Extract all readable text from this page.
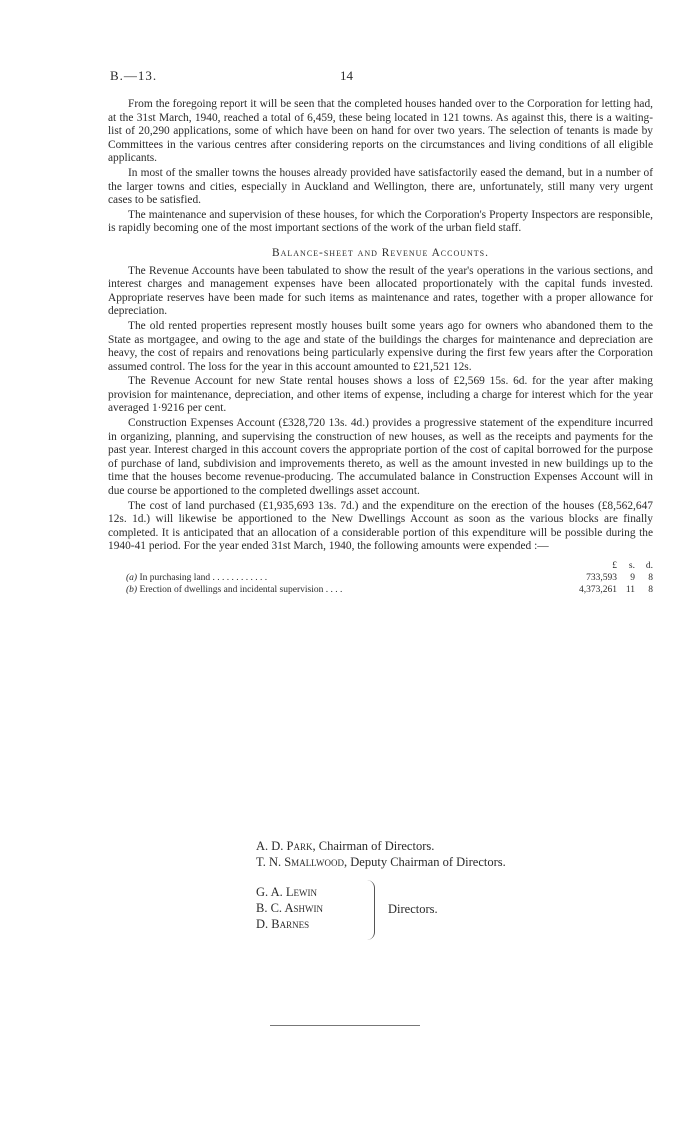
B.—13.	14

From the foregoing report it will be seen that the completed houses handed over to the Corporation for letting had, at the 31st March, 1940, reached a total of 6,459, these being located in 121 towns. As against this, there is a waiting-list of 20,290 applications, some of which have been on hand for over two years. The selection of tenants is made by Committees in the various centres after considering reports on the circumstances and living conditions of all eligible applicants.

In most of the smaller towns the houses already provided have satisfactorily eased the demand, but in a number of the larger towns and cities, especially in Auckland and Wellington, there are, unfortunately, still many very urgent cases to be satisfied.

The maintenance and supervision of these houses, for which the Corporation's Property Inspectors are responsible, is rapidly becoming one of the most important sections of the work of the urban field staff.

Balance-sheet and Revenue Accounts.

The Revenue Accounts have been tabulated to show the result of the year's operations in the various sections, and interest charges and management expenses have been allocated proportionately with the capital funds invested. Appropriate reserves have been made for such items as maintenance and rates, together with a proper allowance for depreciation.

The old rented properties represent mostly houses built some years ago for owners who abandoned them to the State as mortgagee, and owing to the age and state of the buildings the charges for maintenance and depreciation are heavy, the cost of repairs and renovations being particularly expensive during the first few years after the Corporation assumed control. The loss for the year in this account amounted to £21,521 12s.

The Revenue Account for new State rental houses shows a loss of £2,569 15s. 6d. for the year after making provision for maintenance, depreciation, and other items of expense, including a charge for interest which for the year averaged 1·9216 per cent.

Construction Expenses Account (£328,720 13s. 4d.) provides a progressive statement of the expenditure incurred in organizing, planning, and supervising the construction of new houses, as well as the receipts and payments for the past year. Interest charged in this account covers the appropriate portion of the cost of capital borrowed for the purpose of purchase of land, subdivision and improvements thereto, as well as the amount invested in new buildings up to the time that the houses become revenue-producing. The accumulated balance in Construction Expenses Account will in due course be apportioned to the completed dwellings asset account.

The cost of land purchased (£1,935,693 13s. 7d.) and the expenditure on the erection of the houses (£8,562,647 12s. 1d.) will likewise be apportioned to the New Dwellings Account as soon as the various blocks are finally completed. It is anticipated that an allocation of a considerable portion of this expenditure will be possible during the 1940-41 period. For the year ended 31st March, 1940, the following amounts were expended :—

	£	s.	d.
(a) In purchasing land . . . . . . . . . . . .	733,593	9	8
(b) Erection of dwellings and incidental supervision . . . .	4,373,261	11	8
A. D. Park, Chairman of Directors.
T. N. Smallwood, Deputy Chairman of Directors.
G. A. Lewin
B. C. Ashwin
D. Barnes
Directors.
